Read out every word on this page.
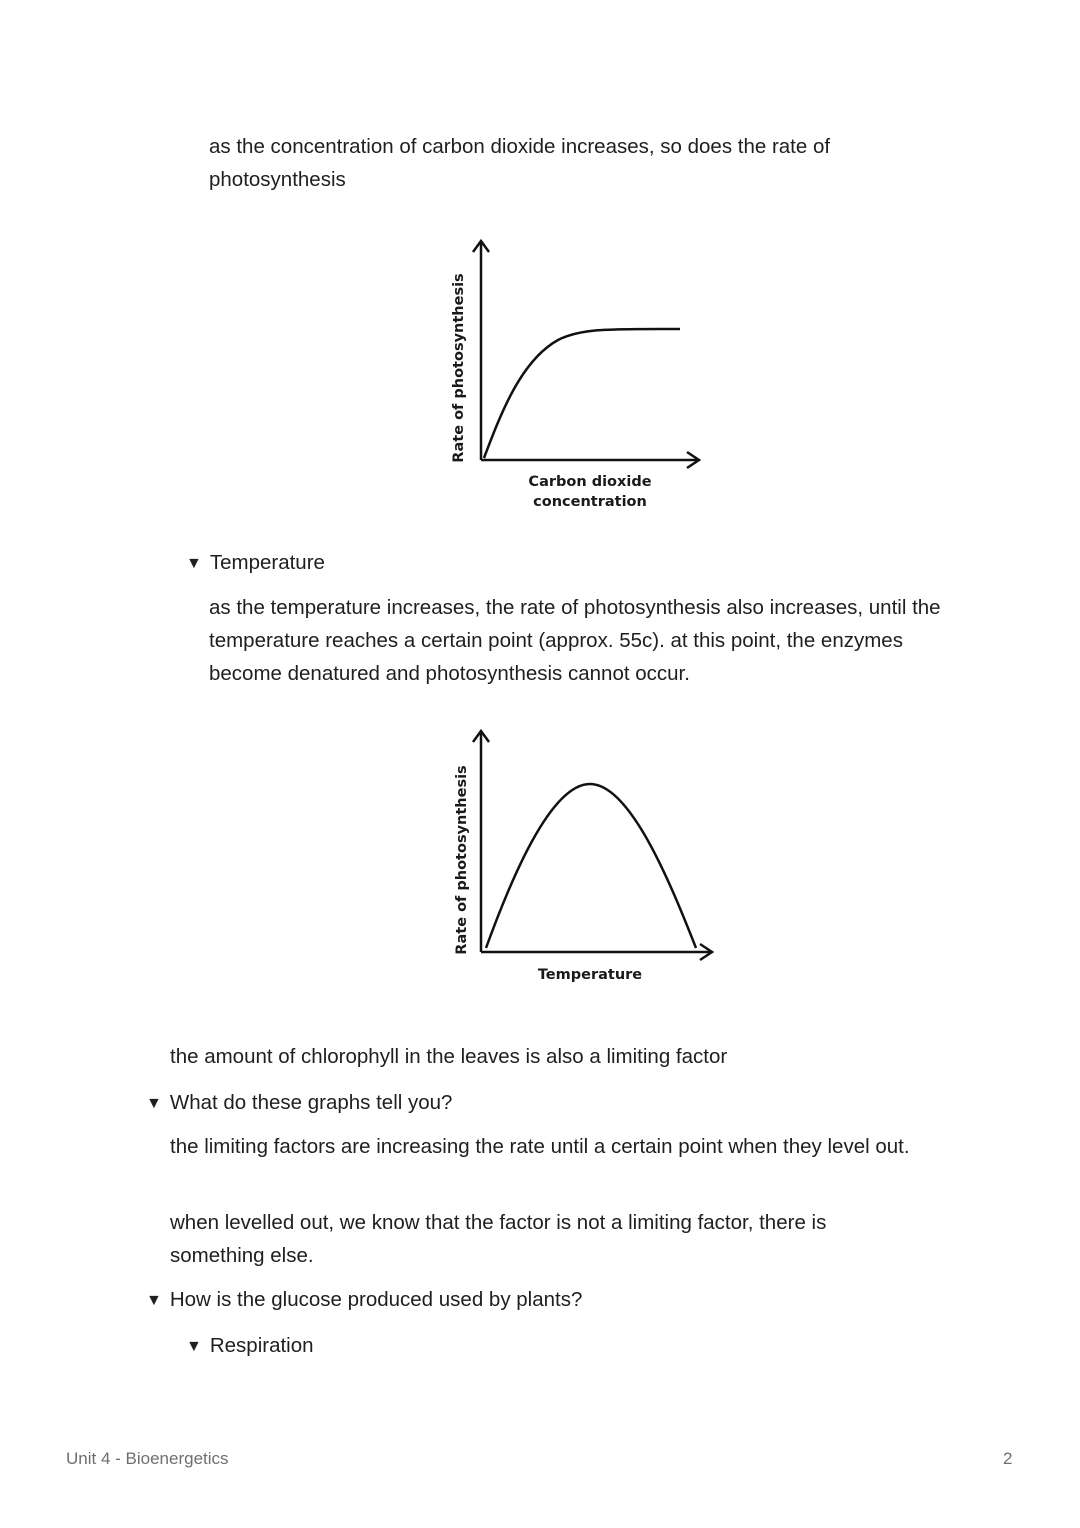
as the concentration of carbon dioxide increases, so does the rate of photosynthesis
Rate of photosynthesis
Carbon dioxide
concentration
▼ Temperature
as the temperature increases, the rate of photosynthesis also increases, until the temperature reaches a certain point (approx. 55c). at this point, the enzymes become denatured and photosynthesis cannot occur.
Rate of photosynthesis
Temperature
the amount of chlorophyll in the leaves is also a limiting factor
▼ What do these graphs tell you?
the limiting factors are increasing the rate until a certain point when they level out.
when levelled out, we know that the factor is not a limiting factor, there is something else.
▼ How is the glucose produced used by plants?
▼ Respiration
Unit 4 - Bioenergetics	2
